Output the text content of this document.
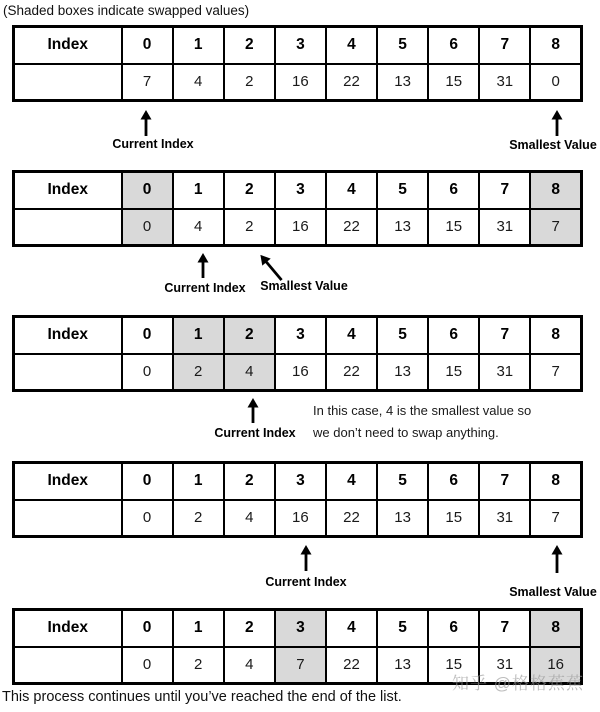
(Shaded boxes indicate swapped values)
Index	0	1	2	3	4	5	6	7	8
	7	4	2	16	22	13	15	31	0
Current Index	Smallest Value
Index	0	1	2	3	4	5	6	7	8
	0	4	2	16	22	13	15	31	7
Current Index	Smallest Value
Index	0	1	2	3	4	5	6	7	8
	0	2	4	16	22	13	15	31	7
Current Index
In this case, 4 is the smallest value so
we don’t need to swap anything.
Index	0	1	2	3	4	5	6	7	8
	0	2	4	16	22	13	15	31	7
Current Index
Smallest Value
Index	0	1	2	3	4	5	6	7	8
	0	2	4	7	22	13	15	31	16
知乎 @格格蕉蕉
This process continues until you’ve reached the end of the list.
